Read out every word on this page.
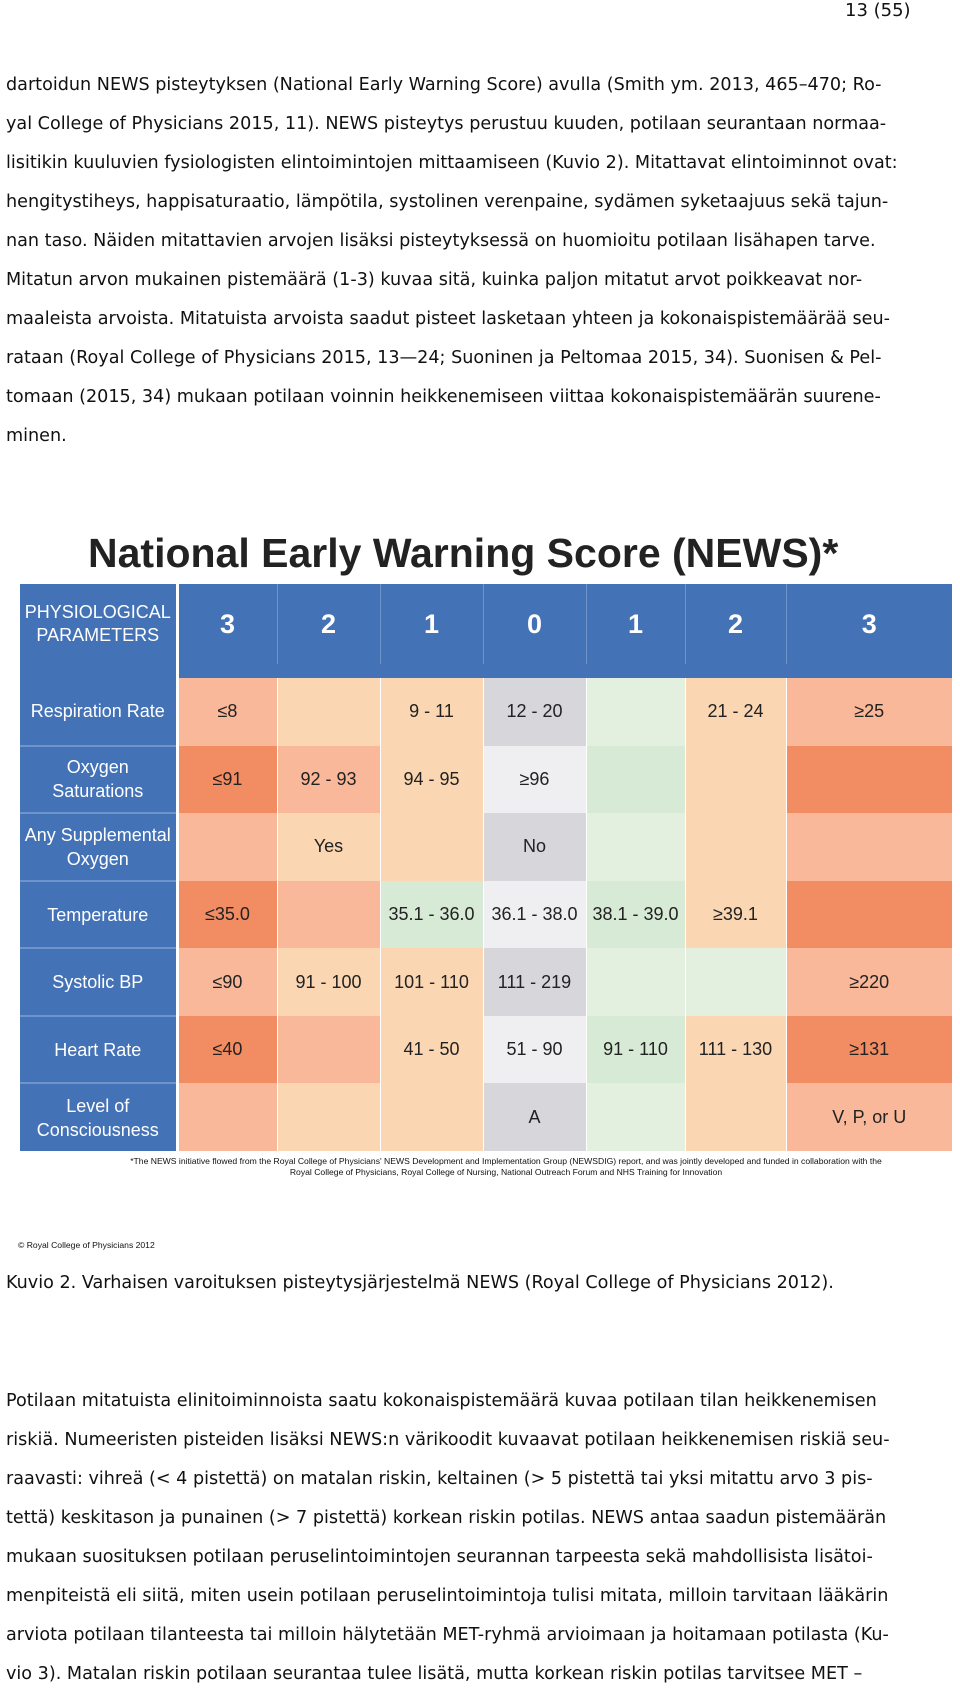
13 (55)
dartoidun NEWS pisteytyksen (National Early Warning Score) avulla (Smith ym. 2013, 465–470; Ro-
yal College of Physicians 2015, 11). NEWS pisteytys perustuu kuuden, potilaan seurantaan normaa-
lisitikin kuuluvien fysiologisten elintoimintojen mittaamiseen (Kuvio 2). Mitattavat elintoiminnot ovat:
hengitystiheys, happisaturaatio, lämpötila, systolinen verenpaine, sydämen syketaajuus sekä tajun-
nan taso. Näiden mitattavien arvojen lisäksi pisteytyksessä on huomioitu potilaan lisähapen tarve.
Mitatun arvon mukainen pistemäärä (1-3) kuvaa sitä, kuinka paljon mitatut arvot poikkeavat nor-
maaleista arvoista. Mitatuista arvoista saadut pisteet lasketaan yhteen ja kokonaispistemäärää seu-
rataan (Royal College of Physicians 2015, 13—24; Suoninen ja Peltomaa 2015, 34). Suonisen & Pel-
tomaan (2015, 34) mukaan potilaan voinnin heikkenemiseen viittaa kokonaispistemäärän suurene-
minen.
National Early Warning Score (NEWS)*
PHYSIOLOGICAL PARAMETERS	3	2	1	0	1	2	3

Respiration Rate	≤8		9 - 11	12 - 20		21 - 24	≥25
Oxygen Saturations	≤91	92 - 93	94 - 95	≥96			
Any Supplemental Oxygen		Yes		No			
Temperature	≤35.0		35.1 - 36.0	36.1 - 38.0	38.1 - 39.0	≥39.1	
Systolic BP	≤90	91 - 100	101 - 110	111 - 219			≥220
Heart Rate	≤40		41 - 50	51 - 90	91 - 110	111 - 130	≥131
Level of Consciousness				A			V, P, or U
*The NEWS initiative flowed from the Royal College of Physicians' NEWS Development and Implementation Group (NEWSDIG) report, and was jointly developed and funded in collaboration with the
Royal College of Physicians, Royal College of Nursing, National Outreach Forum and NHS Training for Innovation
© Royal College of Physicians 2012
Kuvio 2. Varhaisen varoituksen pisteytysjärjestelmä NEWS (Royal College of Physicians 2012).
Potilaan mitatuista elinitoiminnoista saatu kokonaispistemäärä kuvaa potilaan tilan heikkenemisen
riskiä. Numeeristen pisteiden lisäksi NEWS:n värikoodit kuvaavat potilaan heikkenemisen riskiä seu-
raavasti: vihreä (< 4 pistettä) on matalan riskin, keltainen (> 5 pistettä tai yksi mitattu arvo 3 pis-
tettä) keskitason ja punainen (> 7 pistettä) korkean riskin potilas. NEWS antaa saadun pistemäärän
mukaan suosituksen potilaan peruselintoimintojen seurannan tarpeesta sekä mahdollisista lisätoi-
menpiteistä eli siitä, miten usein potilaan peruselintoimintoja tulisi mitata, milloin tarvitaan lääkärin
arviota potilaan tilanteesta tai milloin hälytetään MET-ryhmä arvioimaan ja hoitamaan potilasta (Ku-
vio 3). Matalan riskin potilaan seurantaa tulee lisätä, mutta korkean riskin potilas tarvitsee MET –
